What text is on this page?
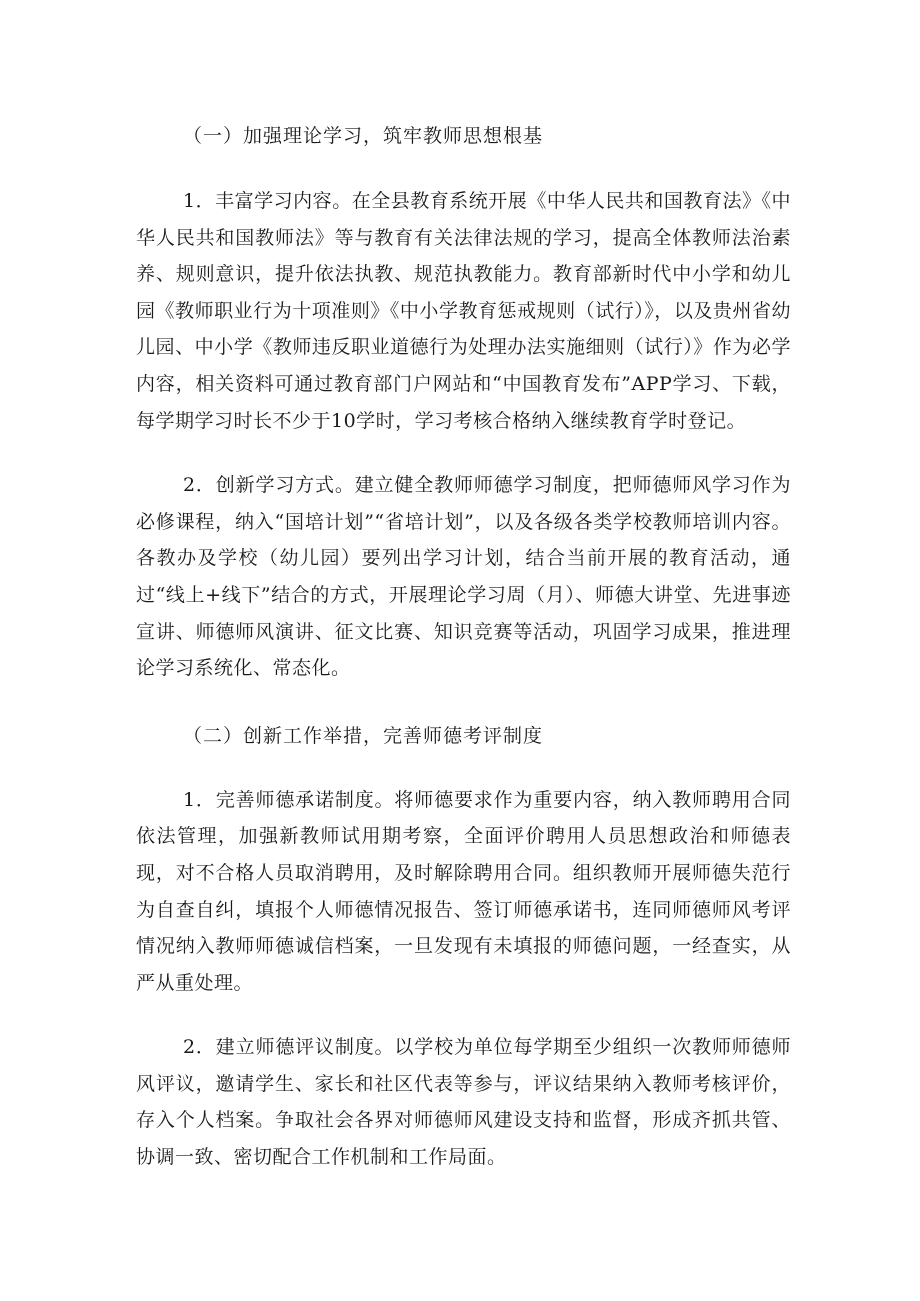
（一）加强理论学习，筑牢教师思想根基

1．丰富学习内容。在全县教育系统开展《中华人民共和国教育法》《中华人民共和国教师法》等与教育有关法律法规的学习，提高全体教师法治素养、规则意识，提升依法执教、规范执教能力。教育部新时代中小学和幼儿园《教师职业行为十项准则》《中小学教育惩戒规则（试行）》，以及贵州省幼儿园、中小学《教师违反职业道德行为处理办法实施细则（试行）》作为必学内容，相关资料可通过教育部门户网站和“中国教育发布”APP学习、下载，每学期学习时长不少于10学时，学习考核合格纳入继续教育学时登记。

2．创新学习方式。建立健全教师师德学习制度，把师德师风学习作为必修课程，纳入“国培计划”“省培计划”，以及各级各类学校教师培训内容。各教办及学校（幼儿园）要列出学习计划，结合当前开展的教育活动，通过“线上+线下”结合的方式，开展理论学习周（月）、师德大讲堂、先进事迹宣讲、师德师风演讲、征文比赛、知识竞赛等活动，巩固学习成果，推进理论学习系统化、常态化。

（二）创新工作举措，完善师德考评制度

1．完善师德承诺制度。将师德要求作为重要内容，纳入教师聘用合同依法管理，加强新教师试用期考察，全面评价聘用人员思想政治和师德表现，对不合格人员取消聘用，及时解除聘用合同。组织教师开展师德失范行为自查自纠，填报个人师德情况报告、签订师德承诺书，连同师德师风考评情况纳入教师师德诚信档案，一旦发现有未填报的师德问题，一经查实，从严从重处理。

2．建立师德评议制度。以学校为单位每学期至少组织一次教师师德师风评议，邀请学生、家长和社区代表等参与，评议结果纳入教师考核评价，存入个人档案。争取社会各界对师德师风建设支持和监督，形成齐抓共管、协调一致、密切配合工作机制和工作局面。
